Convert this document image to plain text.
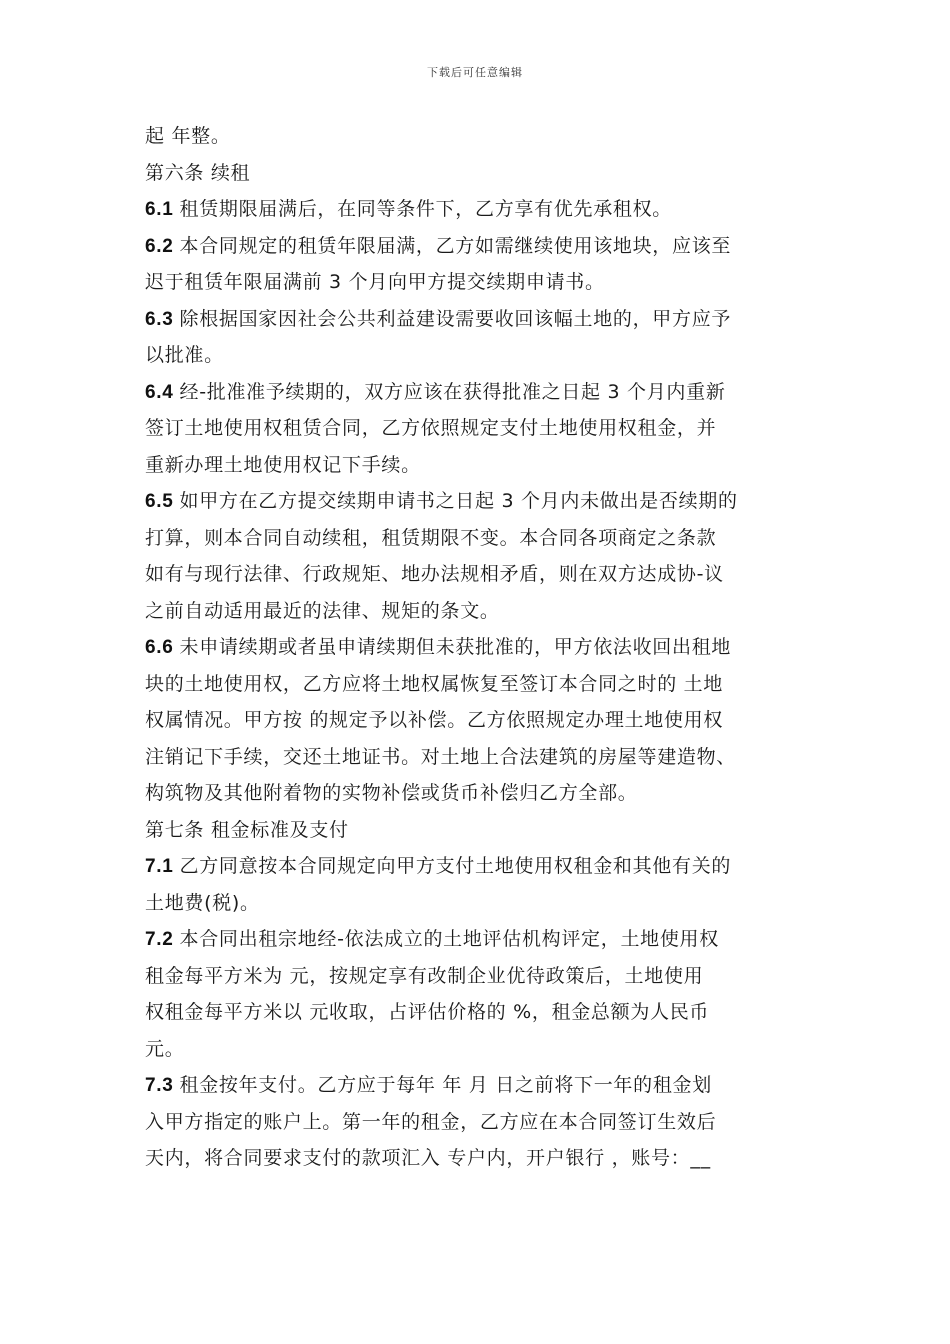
下载后可任意编辑
起 年整。
第六条 续租
6.1 租赁期限届满后，在同等条件下，乙方享有优先承租权。
6.2 本合同规定的租赁年限届满，乙方如需继续使用该地块，应该至
迟于租赁年限届满前 3 个月向甲方提交续期申请书。
6.3 除根据国家因社会公共利益建设需要收回该幅土地的，甲方应予
以批准。
6.4 经-批准准予续期的，双方应该在获得批准之日起 3 个月内重新
签订土地使用权租赁合同，乙方依照规定支付土地使用权租金，并
重新办理土地使用权记下手续。
6.5 如甲方在乙方提交续期申请书之日起 3 个月内未做出是否续期的
打算，则本合同自动续租，租赁期限不变。本合同各项商定之条款
如有与现行法律、行政规矩、地办法规相矛盾，则在双方达成协-议
之前自动适用最近的法律、规矩的条文。
6.6 未申请续期或者虽申请续期但未获批准的，甲方依法收回出租地
块的土地使用权，乙方应将土地权属恢复至签订本合同之时的 土地
权属情况。甲方按 的规定予以补偿。乙方依照规定办理土地使用权
注销记下手续，交还土地证书。对土地上合法建筑的房屋等建造物、
构筑物及其他附着物的实物补偿或货币补偿归乙方全部。
第七条 租金标准及支付
7.1 乙方同意按本合同规定向甲方支付土地使用权租金和其他有关的
土地费(税)。
7.2 本合同出租宗地经-依法成立的土地评估机构评定，土地使用权
租金每平方米为 元，按规定享有改制企业优待政策后，土地使用
权租金每平方米以 元收取，占评估价格的 %，租金总额为人民币
元。
7.3 租金按年支付。乙方应于每年 年 月 日之前将下一年的租金划
入甲方指定的账户上。第一年的租金，乙方应在本合同签订生效后
天内，将合同要求支付的款项汇入 专户内，开户银行 ，账号：__
